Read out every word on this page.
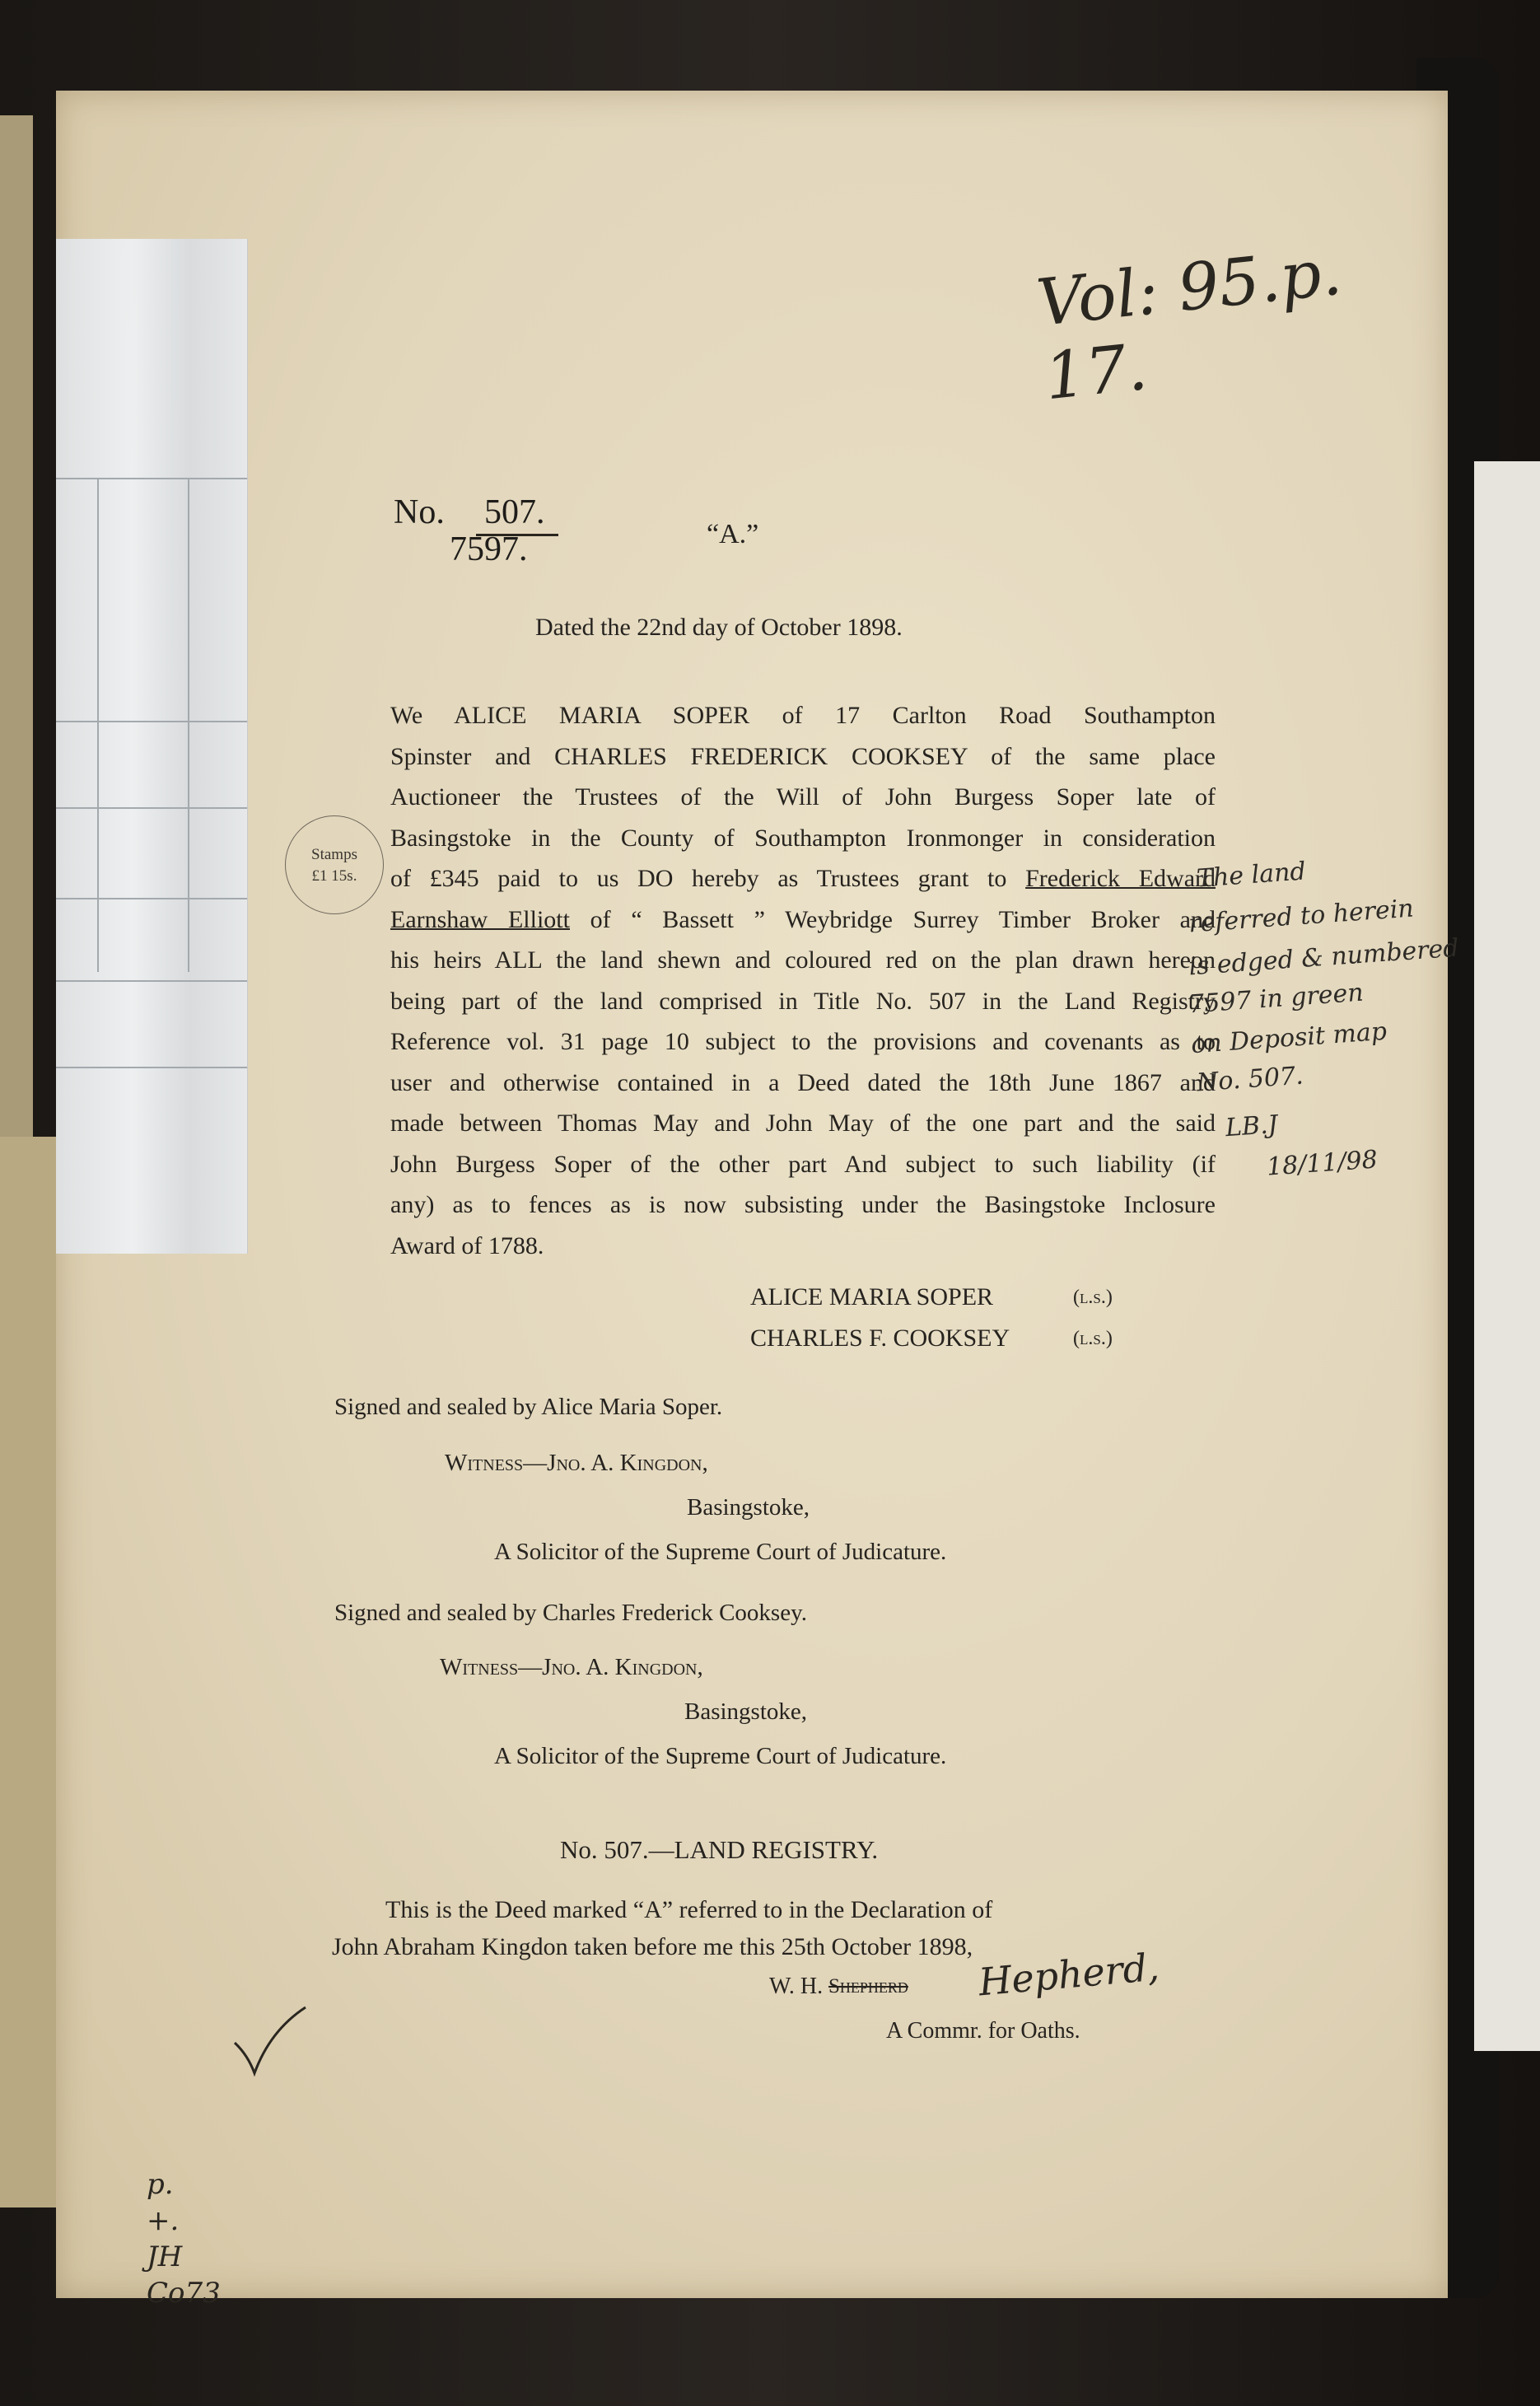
Vol: 95.p. 17.
No. 507.
7597.	“A.”
Dated the 22nd day of October 1898.
Stamps
£1 15s.
We ALICE MARIA SOPER of 17 Carlton Road Southampton
Spinster and CHARLES FREDERICK COOKSEY of the same place
Auctioneer the Trustees of the Will of John Burgess Soper late of
Basingstoke in the County of Southampton Ironmonger in consideration
of £345 paid to us DO hereby as Trustees grant to Frederick Edward
Earnshaw Elliott of “ Bassett ” Weybridge Surrey Timber Broker and
his heirs ALL the land shewn and coloured red on the plan drawn hereon
being part of the land comprised in Title No. 507 in the Land Registry
Reference vol. 31 page 10 subject to the provisions and covenants as to
user and otherwise contained in a Deed dated the 18th June 1867 and
made between Thomas May and John May of the one part and the said
John Burgess Soper of the other part And subject to such liability (if
any) as to fences as is now subsisting under the Basingstoke Inclosure
Award of 1788.
ALICE MARIA SOPER	(l.s.)
CHARLES F. COOKSEY	(l.s.)
Signed and sealed by Alice Maria Soper.
Witness—Jno. A. Kingdon,
Basingstoke,
A Solicitor of the Supreme Court of Judicature.
Signed and sealed by Charles Frederick Cooksey.
Witness—Jno. A. Kingdon,
Basingstoke,
A Solicitor of the Supreme Court of Judicature.
No. 507.—LAND REGISTRY.
This is the Deed marked “A” referred to in the Declaration of
John Abraham Kingdon taken before me this 25th October 1898,
W. H. Shepherd Hepherd,
A Commr. for Oaths.
The land
referred to herein
is edged & numbered
7597 in green
on Deposit map
No. 507.
LB.J
18/11/98
p.
+.
JH
Co73
